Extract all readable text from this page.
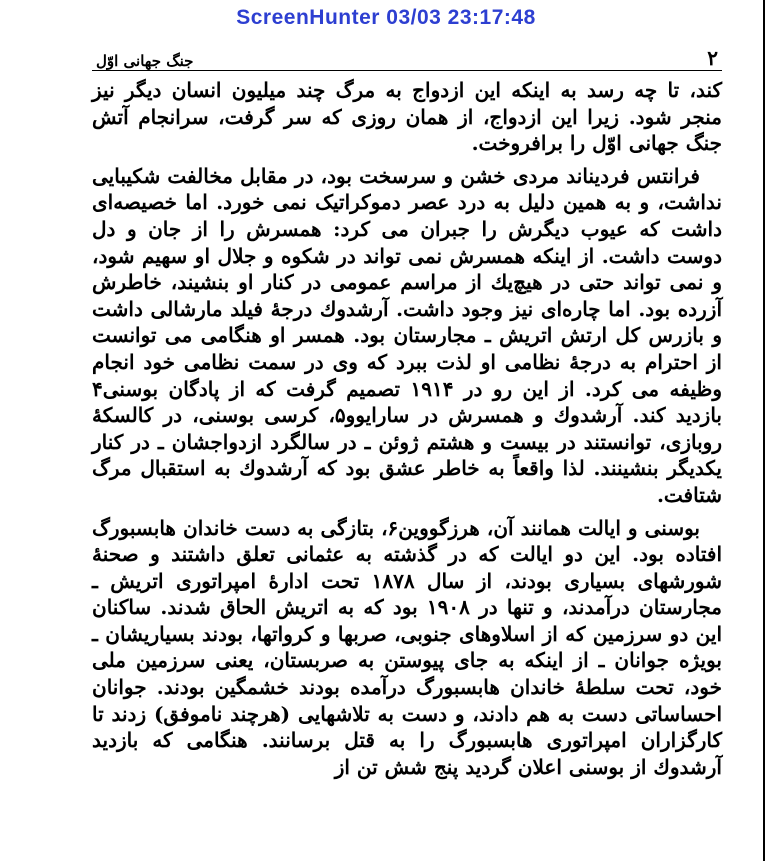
ScreenHunter 03/03 23:17:48
۲
جنگ جهانی اوّل

کند، تا چه رسد به اینکه این ازدواج به مرگ چند میلیون انسان دیگر نیز منجر شود. زیرا این ازدواج، از همان روزی که سر گرفت، سرانجام آتش جنگ جهانی اوّل را برافروخت.

فرانتس فردیناند مردی خشن و سرسخت بود، در مقابل مخالفت شکیبایی نداشت، و به همین دلیل به درد عصر دموکراتیک نمی خورد. اما خصیصه‌ای داشت که عیوب دیگرش را جبران می کرد: همسرش را از جان و دل دوست داشت. از اینکه همسرش نمی تواند در شکوه و جلال او سهیم شود، و نمی تواند حتی در هیچ‌یك از مراسم عمومی در کنار او بنشیند، خاطرش آزرده بود. اما چاره‌ای نیز وجود داشت. آرشدوك درجهٔ فیلد مارشالی داشت و بازرس کل ارتش اتریش ـ مجارستان بود. همسر او هنگامی می توانست از احترام به درجهٔ نظامی او لذت ببرد که وی در سمت نظامی خود انجام وظیفه می کرد. از این رو در ۱۹۱۴ تصمیم گرفت که از پادگان بوسنی۴ بازدید کند. آرشدوك و همسرش در سارایوو۵، کرسی بوسنی، در کالسکهٔ روبازی، توانستند در بیست و هشتم ژوئن ـ در سالگرد ازدواجشان ـ در کنار یکدیگر بنشینند. لذا واقعاً به خاطر عشق بود که آرشدوك به استقبال مرگ شتافت.

بوسنی و ایالت همانند آن، هرزگووین۶، بتازگی به دست خاندان هابسبورگ افتاده بود. این دو ایالت که در گذشته به عثمانی تعلق داشتند و صحنهٔ شورشهای بسیاری بودند، از سال ۱۸۷۸ تحت ادارهٔ امپراتوری اتریش ـ مجارستان درآمدند، و تنها در ۱۹۰۸ بود که به اتریش الحاق شدند. ساکنان این دو سرزمین که از اسلاوهای جنوبی، صربها و کرواتها، بودند بسیاریشان ـ بویژه جوانان ـ از اینکه به جای پیوستن به صربستان، یعنی سرزمین ملی خود، تحت سلطهٔ خاندان هابسبورگ درآمده بودند خشمگین بودند. جوانان احساساتی دست به هم دادند، و دست به تلاشهایی (هرچند ناموفق) زدند تا کارگزاران امپراتوری هابسبورگ را به قتل برسانند. هنگامی که بازدید آرشدوك از بوسنی اعلان گردید پنج شش تن از
